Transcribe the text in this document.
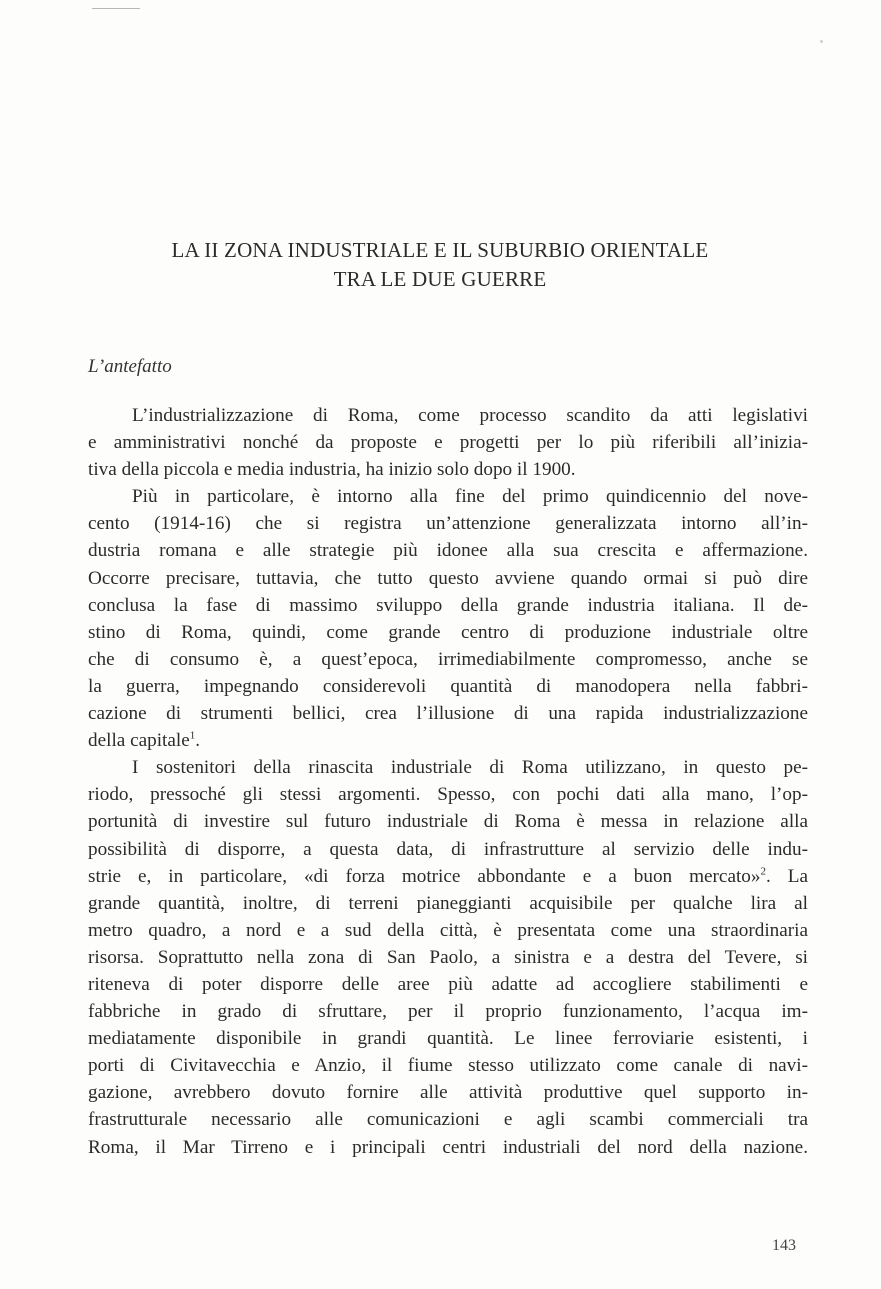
LA II ZONA INDUSTRIALE E IL SUBURBIO ORIENTALE
TRA LE DUE GUERRE
L’antefatto
L’industrializzazione di Roma, come processo scandito da atti legislativi
e amministrativi nonché da proposte e progetti per lo più riferibili all’inizia-
tiva della piccola e media industria, ha inizio solo dopo il 1900.
Più in particolare, è intorno alla fine del primo quindicennio del nove-
cento (1914-16) che si registra un’attenzione generalizzata intorno all’in-
dustria romana e alle strategie più idonee alla sua crescita e affermazione.
Occorre precisare, tuttavia, che tutto questo avviene quando ormai si può dire
conclusa la fase di massimo sviluppo della grande industria italiana. Il de-
stino di Roma, quindi, come grande centro di produzione industriale oltre
che di consumo è, a quest’epoca, irrimediabilmente compromesso, anche se
la guerra, impegnando considerevoli quantità di manodopera nella fabbri-
cazione di strumenti bellici, crea l’illusione di una rapida industrializzazione
della capitale$^1$.
I sostenitori della rinascita industriale di Roma utilizzano, in questo pe-
riodo, pressoché gli stessi argomenti. Spesso, con pochi dati alla mano, l’op-
portunità di investire sul futuro industriale di Roma è messa in relazione alla
possibilità di disporre, a questa data, di infrastrutture al servizio delle indu-
strie e, in particolare, «di forza motrice abbondante e a buon mercato»$^2$. La
grande quantità, inoltre, di terreni pianeggianti acquisibile per qualche lira al
metro quadro, a nord e a sud della città, è presentata come una straordinaria
risorsa. Soprattutto nella zona di San Paolo, a sinistra e a destra del Tevere, si
riteneva di poter disporre delle aree più adatte ad accogliere stabilimenti e
fabbriche in grado di sfruttare, per il proprio funzionamento, l’acqua im-
mediatamente disponibile in grandi quantità. Le linee ferroviarie esistenti, i
porti di Civitavecchia e Anzio, il fiume stesso utilizzato come canale di navi-
gazione, avrebbero dovuto fornire alle attività produttive quel supporto in-
frastrutturale necessario alle comunicazioni e agli scambi commerciali tra
Roma, il Mar Tirreno e i principali centri industriali del nord della nazione.
143
